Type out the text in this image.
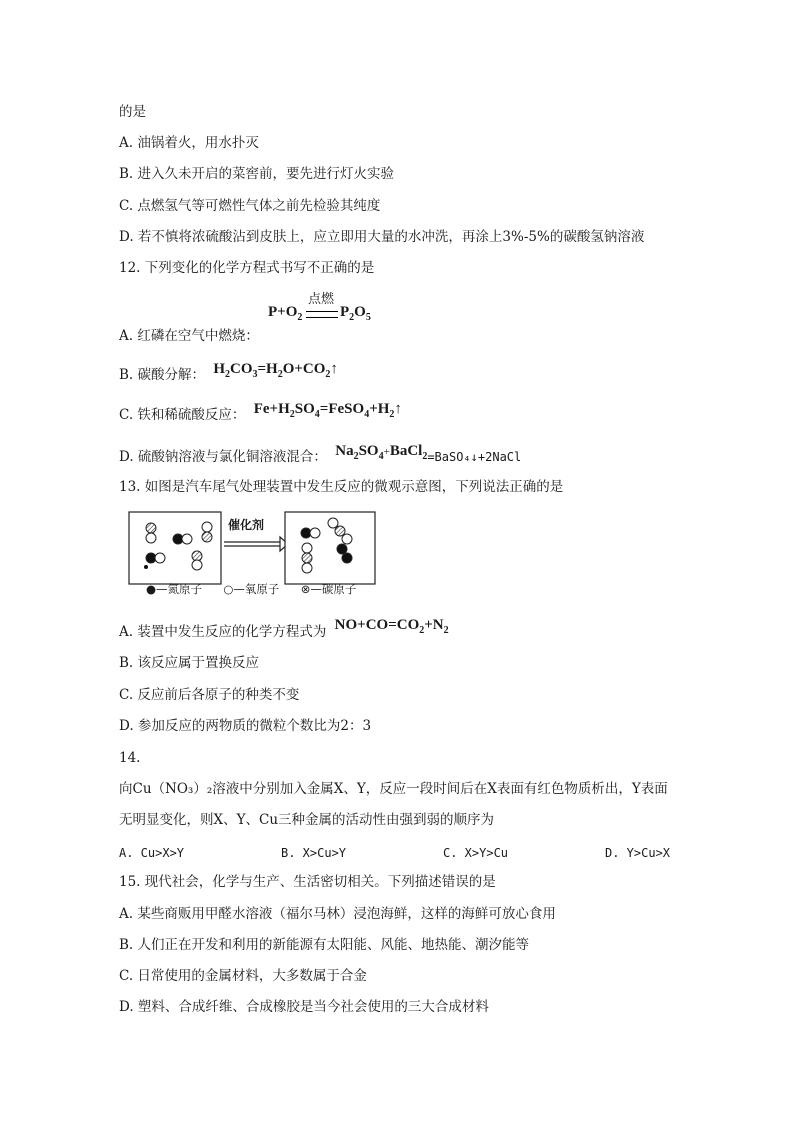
的是
A. 油锅着火，用水扑灭
B. 进入久未开启的菜窖前，要先进行灯火实验
C. 点燃氢气等可燃性气体之前先检验其纯度
D. 若不慎将浓硫酸沾到皮肤上，应立即用大量的水冲洗，再涂上3%-5%的碳酸氢钠溶液
12. 下列变化的化学方程式书写不正确的是
点燃
$P+O_2$	$P_2O_5$
A. 红磷在空气中燃烧：
B. 碳酸分解： $H_2CO_3=H_2O+CO_2↑$
C. 铁和稀硫酸反应： $Fe+H_2SO_4=FeSO_4+H_2↑$
D. 硫酸钠溶液与氯化铜溶液混合： $Na_2SO_4+BaCl_2=BaSO_4↓+2NaCl$
13. 如图是汽车尾气处理装置中发生反应的微观示意图，下列说法正确的是
催化剂
●—氮原子 ○—氧原子 ⊗—碳原子
A. 装置中发生反应的化学方程式为 $NO+CO=CO_2+N_2$
B. 该反应属于置换反应
C. 反应前后各原子的种类不变
D. 参加反应的两物质的微粒个数比为2：3
14.
向Cu（NO₃）₂溶液中分别加入金属X、Y，反应一段时间后在X表面有红色物质析出，Y表面
无明显变化，则X、Y、Cu三种金属的活动性由强到弱的顺序为
A. Cu>X>Y	B. X>Cu>Y	C. X>Y>Cu	D. Y>Cu>X
15. 现代社会，化学与生产、生活密切相关。下列描述错误的是
A. 某些商贩用甲醛水溶液（福尔马林）浸泡海鲜，这样的海鲜可放心食用
B. 人们正在开发和利用的新能源有太阳能、风能、地热能、潮汐能等
C. 日常使用的金属材料，大多数属于合金
D. 塑料、合成纤维、合成橡胶是当今社会使用的三大合成材料
